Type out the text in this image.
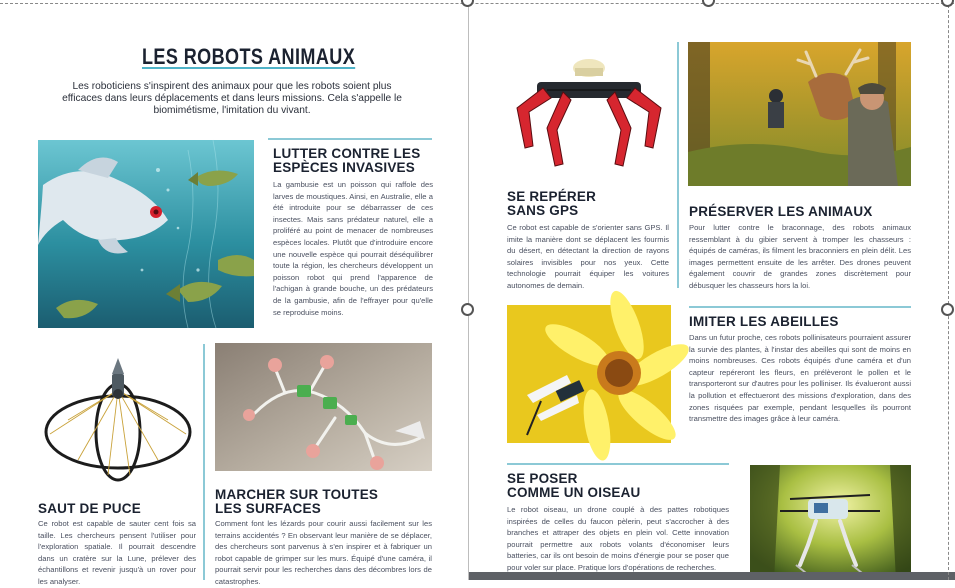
LES ROBOTS ANIMAUX
Les roboticiens s'inspirent des animaux pour que les robots soient plus efficaces dans leurs déplacements et dans leurs missions. Cela s'appelle le biomimétisme, l'imitation du vivant.
LUTTER CONTRE LES
ESPÈCES INVASIVES
La gambusie est un poisson qui raffole des larves de moustiques. Ainsi, en Australie, elle a été introduite pour se débarrasser de ces insectes. Mais sans prédateur naturel, elle a proliféré au point de menacer de nombreuses espèces locales. Plutôt que d'introduire encore une nouvelle espèce qui pourrait déséquilibrer toute la région, les chercheurs développent un poisson robot qui prend l'apparence de l'achigan à grande bouche, un des prédateurs de la gambusie, afin de l'effrayer pour qu'elle se reproduise moins.
SAUT DE PUCE
Ce robot est capable de sauter cent fois sa taille. Les chercheurs pensent l'utiliser pour l'exploration spatiale. Il pourrait descendre dans un cratère sur la Lune, prélever des échantillons et revenir jusqu'à un rover pour les analyser.
MARCHER SUR TOUTES
LES SURFACES
Comment font les lézards pour courir aussi facilement sur les terrains accidentés ? En observant leur manière de se déplacer, des chercheurs sont parvenus à s'en inspirer et à fabriquer un robot capable de grimper sur les murs. Équipé d'une caméra, il pourrait servir pour les recherches dans des décombres lors de catastrophes.
SE REPÉRER
SANS GPS
Ce robot est capable de s'orienter sans GPS. Il imite la manière dont se déplacent les fourmis du désert, en détectant la direction de rayons solaires invisibles pour nos yeux. Cette technologie pourrait équiper les voitures autonomes de demain.
PRÉSERVER LES ANIMAUX
Pour lutter contre le braconnage, des robots animaux ressemblant à du gibier servent à tromper les chasseurs : équipés de caméras, ils filment les braconniers en plein délit. Les images permettent ensuite de les arrêter. Des drones peuvent également couvrir de grandes zones discrètement pour débusquer les chasseurs hors la loi.
IMITER LES ABEILLES
Dans un futur proche, ces robots pollinisateurs pourraient assurer la survie des plantes, à l'instar des abeilles qui sont de moins en moins nombreuses. Ces robots équipés d'une caméra et d'un capteur repéreront les fleurs, en prélèveront le pollen et le transporteront sur d'autres pour les polliniser. Ils évalueront aussi la pollution et effectueront des missions d'exploration, dans des zones risquées par exemple, pendant lesquelles ils pourront transmettre des images grâce à leur caméra.
SE POSER
COMME UN OISEAU
Le robot oiseau, un drone couplé à des pattes robotiques inspirées de celles du faucon pèlerin, peut s'accrocher à des branches et attraper des objets en plein vol. Cette innovation pourrait permettre aux robots volants d'économiser leurs batteries, car ils ont besoin de moins d'énergie pour se poser que pour voler sur place. Pratique lors d'opérations de recherches.
